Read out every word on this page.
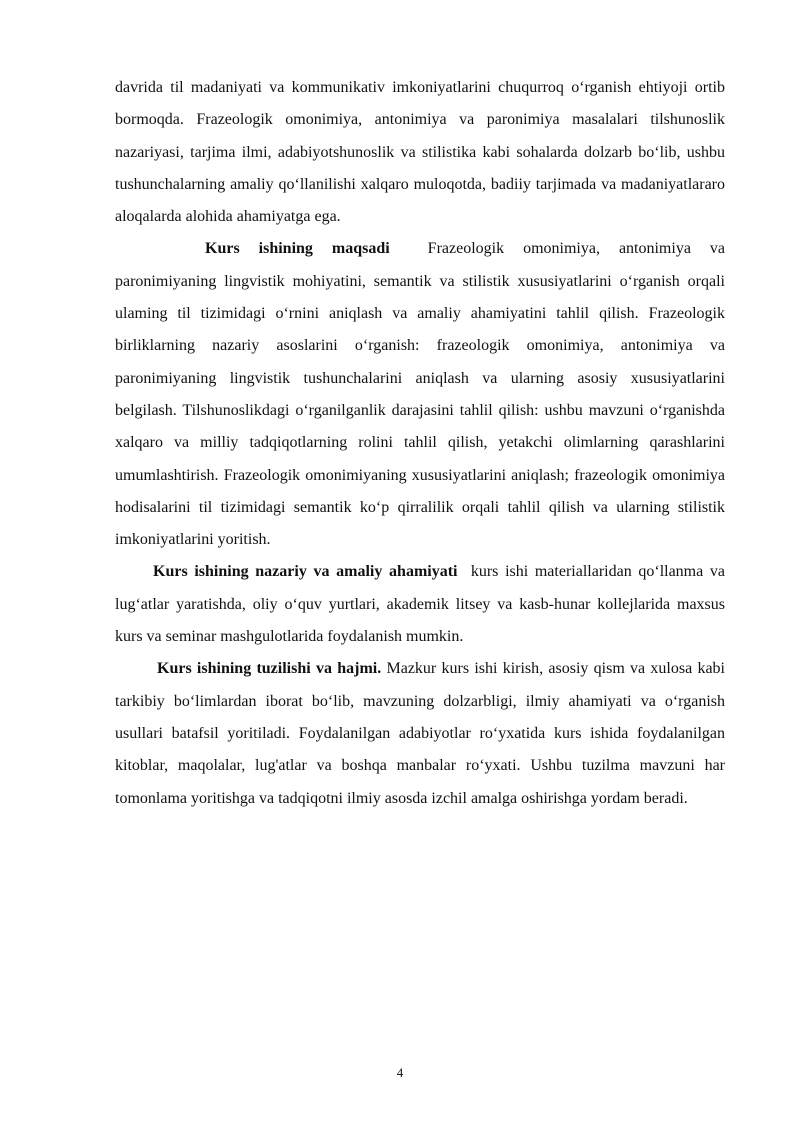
davrida til madaniyati va kommunikativ imkoniyatlarini chuqurroq o‘rganish ehtiyoji ortib bormoqda. Frazeologik omonimiya, antonimiya va paronimiya masalalari tilshunoslik nazariyasi, tarjima ilmi, adabiyotshunoslik va stilistika kabi sohalarda dolzarb bo‘lib, ushbu tushunchalarning amaliy qo‘llanilishi xalqaro muloqotda, badiiy tarjimada va madaniyatlararo aloqalarda alohida ahamiyatga ega.

Kurs ishining maqsadi Frazeologik omonimiya, antonimiya va paronimiyaning lingvistik mohiyatini, semantik va stilistik xususiyatlarini o‘rganish orqali ulaming til tizimidagi o‘rnini aniqlash va amaliy ahamiyatini tahlil qilish. Frazeologik birliklarning nazariy asoslarini o‘rganish: frazeologik omonimiya, antonimiya va paronimiyaning lingvistik tushunchalarini aniqlash va ularning asosiy xususiyatlarini belgilash. Tilshunoslikdagi o‘rganilganlik darajasini tahlil qilish: ushbu mavzuni o‘rganishda xalqaro va milliy tadqiqotlarning rolini tahlil qilish, yetakchi olimlarning qarashlarini umumlashtirish. Frazeologik omonimiyaning xususiyatlarini aniqlash; frazeologik omonimiya hodisalarini til tizimidagi semantik ko‘p qirralilik orqali tahlil qilish va ularning stilistik imkoniyatlarini yoritish.

Kurs ishining nazariy va amaliy ahamiyati kurs ishi materiallaridan qo‘llanma va lug‘atlar yaratishda, oliy o‘quv yurtlari, akademik litsey va kasb-hunar kollejlarida maxsus kurs va seminar mashgulotlarida foydalanish mumkin.

Kurs ishining tuzilishi va hajmi. Mazkur kurs ishi kirish, asosiy qism va xulosa kabi tarkibiy bo‘limlardan iborat bo‘lib, mavzuning dolzarbligi, ilmiy ahamiyati va o‘rganish usullari batafsil yoritiladi. Foydalanilgan adabiyotlar ro‘yxatida kurs ishida foydalanilgan kitoblar, maqolalar, lug'atlar va boshqa manbalar ro‘yxati. Ushbu tuzilma mavzuni har tomonlama yoritishga va tadqiqotni ilmiy asosda izchil amalga oshirishga yordam beradi.

4
